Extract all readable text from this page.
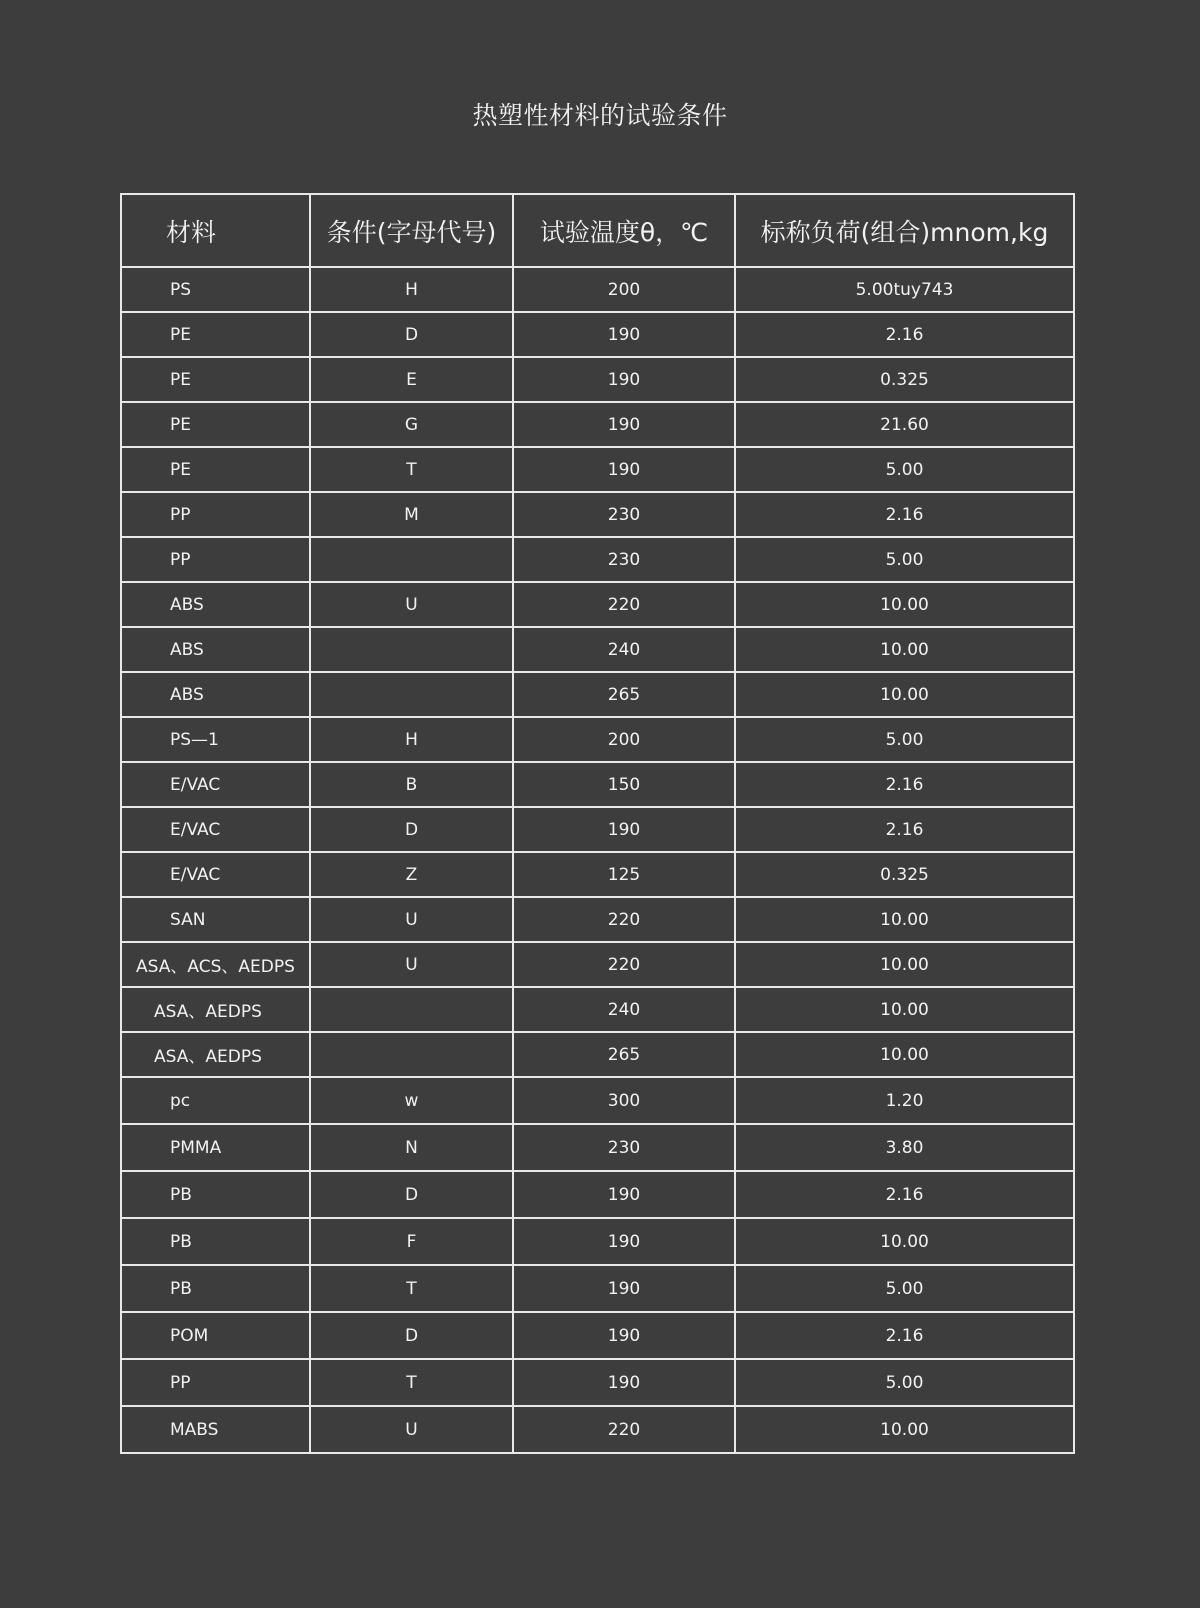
热塑性材料的试验条件
材料	条件(字母代号)	试验温度θ，℃	标称负荷(组合)mnom,kg
PS	H	200	5.00tuy743
PE	D	190	2.16
PE	E	190	0.325
PE	G	190	21.60
PE	T	190	5.00
PP	M	230	2.16
PP		230	5.00
ABS	U	220	10.00
ABS		240	10.00
ABS		265	10.00
PS—1	H	200	5.00
E/VAC	B	150	2.16
E/VAC	D	190	2.16
E/VAC	Z	125	0.325
SAN	U	220	10.00
ASA、ACS、AEDPS	U	220	10.00
ASA、AEDPS		240	10.00
ASA、AEDPS		265	10.00
pc	w	300	1.20
PMMA	N	230	3.80
PB	D	190	2.16
PB	F	190	10.00
PB	T	190	5.00
POM	D	190	2.16
PP	T	190	5.00
MABS	U	220	10.00
